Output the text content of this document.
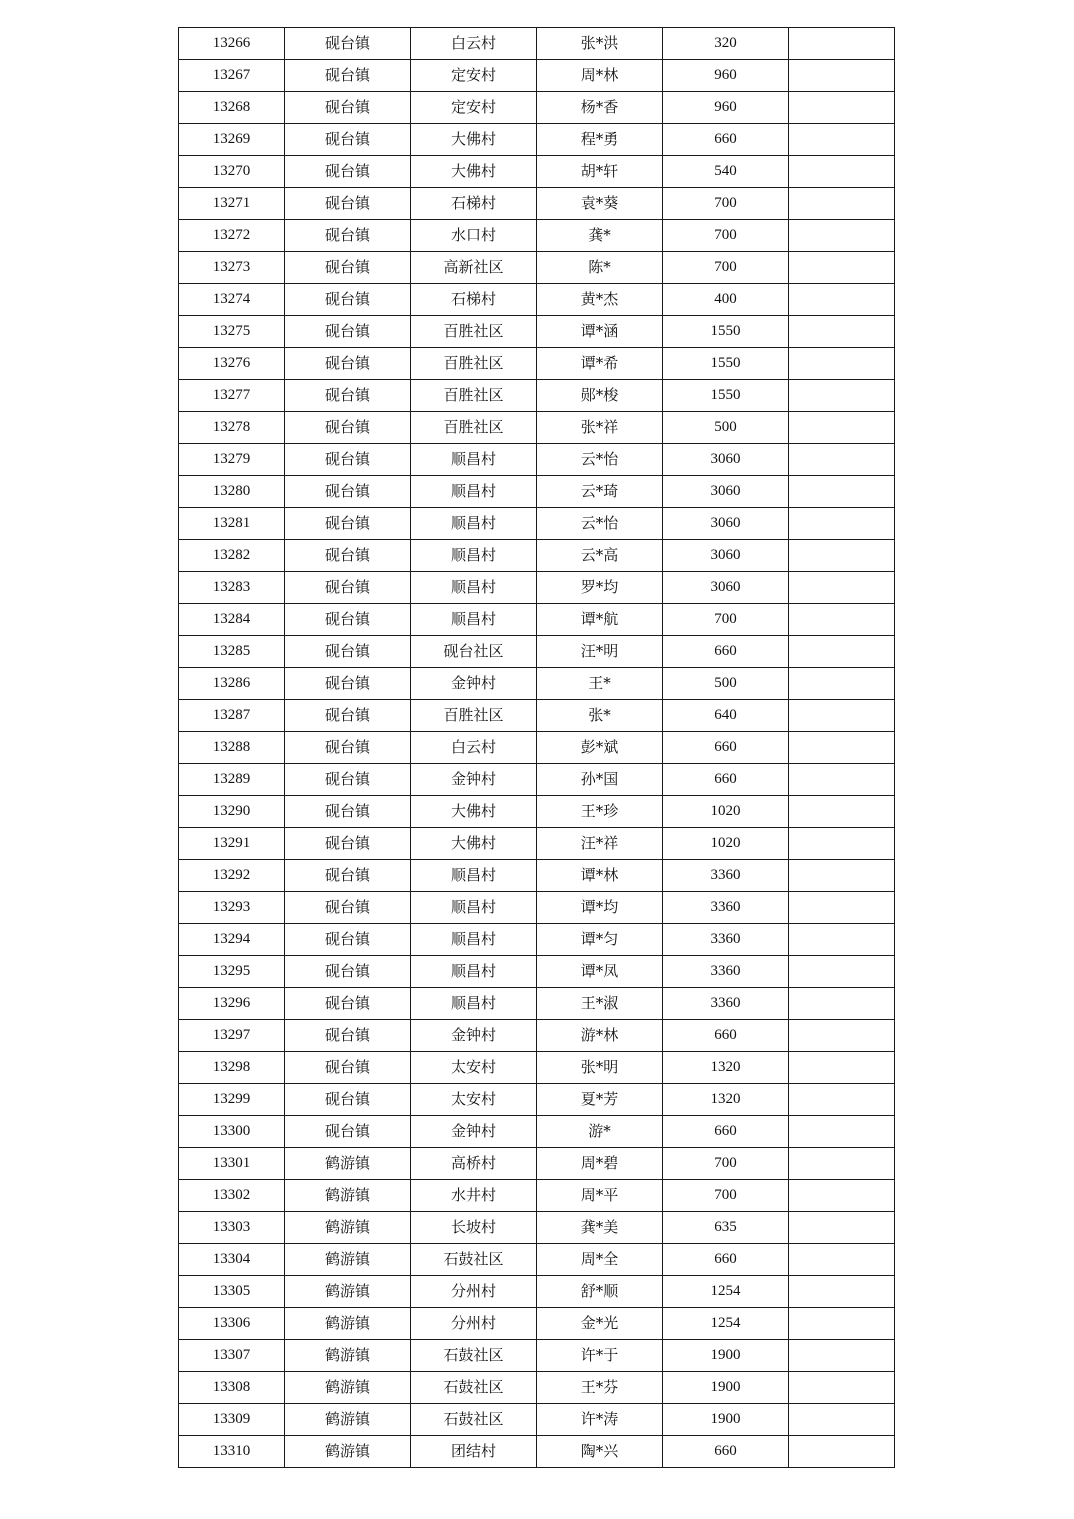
13266	砚台镇	白云村	张*洪	320	
13267	砚台镇	定安村	周*林	960	
13268	砚台镇	定安村	杨*香	960	
13269	砚台镇	大佛村	程*勇	660	
13270	砚台镇	大佛村	胡*轩	540	
13271	砚台镇	石梯村	袁*葵	700	
13272	砚台镇	水口村	龚*	700	
13273	砚台镇	高新社区	陈*	700	
13274	砚台镇	石梯村	黄*杰	400	
13275	砚台镇	百胜社区	谭*涵	1550	
13276	砚台镇	百胜社区	谭*希	1550	
13277	砚台镇	百胜社区	郧*梭	1550	
13278	砚台镇	百胜社区	张*祥	500	
13279	砚台镇	顺昌村	云*怡	3060	
13280	砚台镇	顺昌村	云*琦	3060	
13281	砚台镇	顺昌村	云*怡	3060	
13282	砚台镇	顺昌村	云*高	3060	
13283	砚台镇	顺昌村	罗*均	3060	
13284	砚台镇	顺昌村	谭*航	700	
13285	砚台镇	砚台社区	汪*明	660	
13286	砚台镇	金钟村	王*	500	
13287	砚台镇	百胜社区	张*	640	
13288	砚台镇	白云村	彭*斌	660	
13289	砚台镇	金钟村	孙*国	660	
13290	砚台镇	大佛村	王*珍	1020	
13291	砚台镇	大佛村	汪*祥	1020	
13292	砚台镇	顺昌村	谭*林	3360	
13293	砚台镇	顺昌村	谭*均	3360	
13294	砚台镇	顺昌村	谭*匀	3360	
13295	砚台镇	顺昌村	谭*凤	3360	
13296	砚台镇	顺昌村	王*淑	3360	
13297	砚台镇	金钟村	游*林	660	
13298	砚台镇	太安村	张*明	1320	
13299	砚台镇	太安村	夏*芳	1320	
13300	砚台镇	金钟村	游*	660	
13301	鹤游镇	高桥村	周*碧	700	
13302	鹤游镇	水井村	周*平	700	
13303	鹤游镇	长坡村	龚*美	635	
13304	鹤游镇	石鼓社区	周*全	660	
13305	鹤游镇	分州村	舒*顺	1254	
13306	鹤游镇	分州村	金*光	1254	
13307	鹤游镇	石鼓社区	许*于	1900	
13308	鹤游镇	石鼓社区	王*芬	1900	
13309	鹤游镇	石鼓社区	许*涛	1900	
13310	鹤游镇	团结村	陶*兴	660	
